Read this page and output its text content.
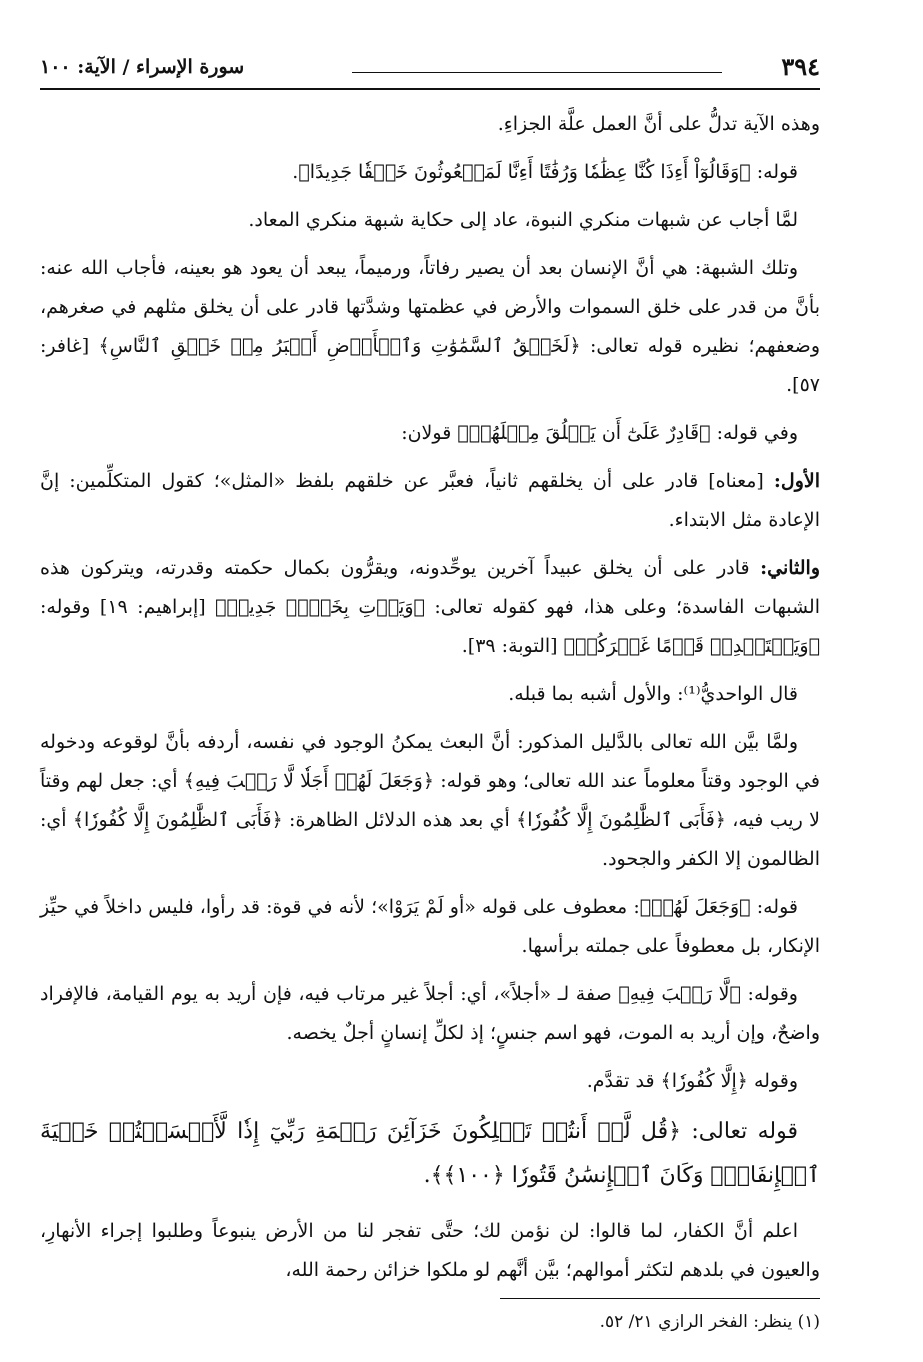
٣٩٤
سورة الإسراء / الآية: ١٠٠

وهذه الآية تدلُّ على أنَّ العمل علَّة الجزاءِ.

قوله: ﴿وَقَالُوٓاْ أَءِذَا كُنَّا عِظَٰمٗا وَرُفَٰتًا أَءِنَّا لَمَبۡعُوثُونَ خَلۡقٗا جَدِيدًا﴾.

لمَّا أجاب عن شبهات منكري النبوة، عاد إلى حكاية شبهة منكري المعاد.

وتلك الشبهة: هي أنَّ الإنسان بعد أن يصير رفاتاً، ورميماً، يبعد أن يعود هو بعينه، فأجاب الله عنه: بأنَّ من قدر على خلق السموات والأرض في عظمتها وشدَّتها قادر على أن يخلق مثلهم في صغرهم، وضعفهم؛ نظيره قوله تعالى: ﴿لَخَلۡقُ ٱلسَّمَٰوَٰتِ وَٱلۡأَرۡضِ أَكۡبَرُ مِنۡ خَلۡقِ ٱلنَّاسِ﴾ [غافر: ٥٧].

وفي قوله: ﴿قَادِرٌ عَلَىٰٓ أَن يَخۡلُقَ مِثۡلَهُمۡ﴾ قولان:

الأول: [معناه] قادر على أن يخلقهم ثانياً، فعبَّر عن خلقهم بلفظ «المثل»؛ كقول المتكلِّمين: إنَّ الإعادة مثل الابتداء.

والثاني: قادر على أن يخلق عبيداً آخرين يوحِّدونه، ويقرُّون بكمال حكمته وقدرته، ويتركون هذه الشبهات الفاسدة؛ وعلى هذا، فهو كقوله تعالى: ﴿وَيَأۡتِ بِخَلۡقٖ جَدِيدٖ﴾ [إبراهيم: ١٩] وقوله: ﴿وَيَسۡتَبۡدِلۡ قَوۡمًا غَيۡرَكُمۡ﴾ [التوبة: ٣٩].

قال الواحديُّ⁽¹⁾: والأول أشبه بما قبله.

ولمَّا بيَّن الله تعالى بالدَّليل المذكور: أنَّ البعث يمكنُ الوجود في نفسه، أردفه بأنَّ لوقوعه ودخوله في الوجود وقتاً معلوماً عند الله تعالى؛ وهو قوله: ﴿وَجَعَلَ لَهُمۡ أَجَلٗا لَّا رَيۡبَ فِيهِ﴾ أي: جعل لهم وقتاً لا ريب فيه، ﴿فَأَبَى ٱلظَّٰلِمُونَ إِلَّا كُفُورٗا﴾ أي بعد هذه الدلائل الظاهرة: ﴿فَأَبَى ٱلظَّٰلِمُونَ إِلَّا كُفُورٗا﴾ أي: الظالمون إلا الكفر والجحود.

قوله: ﴿وَجَعَلَ لَهُمۡ﴾: معطوف على قوله «أو لَمْ يَرَوْا»؛ لأنه في قوة: قد رأوا، فليس داخلاً في حيِّز الإنكار، بل معطوفاً على جملته برأسها.

وقوله: ﴿لَّا رَيۡبَ فِيهِ﴾ صفة لـ «أجلاً»، أي: أجلاً غير مرتاب فيه، فإن أريد به يوم القيامة، فالإفراد واضحٌ، وإن أريد به الموت، فهو اسم جنسٍ؛ إذ لكلِّ إنسانٍ أجلٌ يخصه.

وقوله ﴿إِلَّا كُفُورٗا﴾ قد تقدَّم.

قوله تعالى: ﴿قُل لَّوۡ أَنتُمۡ تَمۡلِكُونَ خَزَآئِنَ رَحۡمَةِ رَبِّيٓ إِذٗا لَّأَمۡسَكۡتُمۡ خَشۡيَةَ ٱلۡإِنفَاقِۚ وَكَانَ ٱلۡإِنسَٰنُ قَتُورٗا ﴿١٠٠﴾﴾.

اعلم أنَّ الكفار، لما قالوا: لن نؤمن لك؛ حتَّى تفجر لنا من الأرض ينبوعاً وطلبوا إجراء الأنهارِ، والعيون في بلدهم لتكثر أموالهم؛ بيَّن أنَّهم لو ملكوا خزائن رحمة الله،

(١) ينظر: الفخر الرازي ٢١/ ٥٢.
